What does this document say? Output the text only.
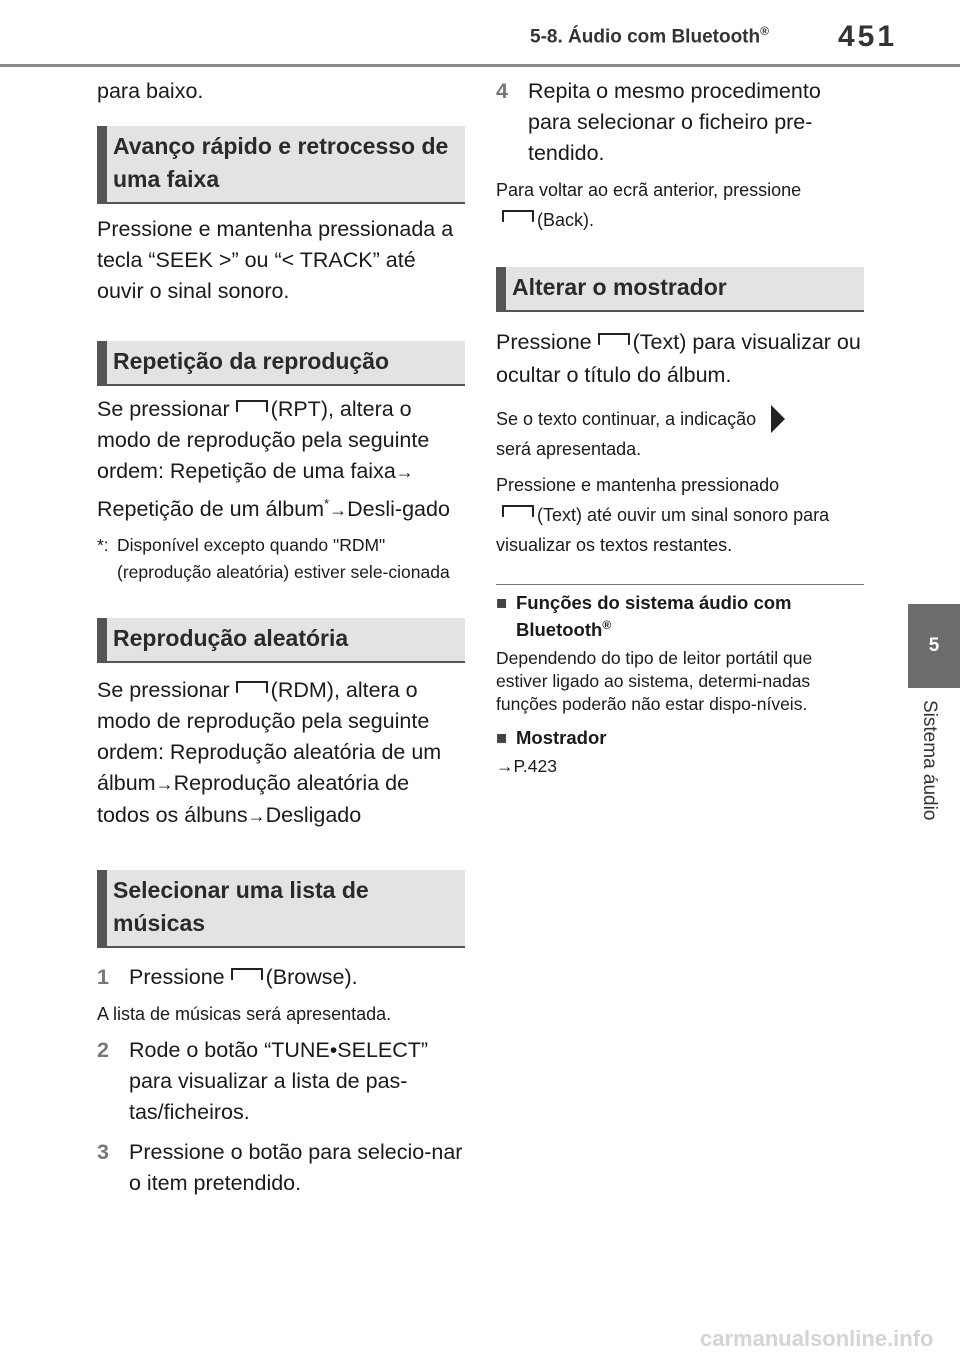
5-8. Áudio com Bluetooth® 451
5
Sistema áudio

para baixo.

Avanço rápido e retrocesso de uma faixa

Pressione e mantenha pressionada a tecla “SEEK >” ou “< TRACK” até ouvir o sinal sonoro.

Repetição da reprodução

Se pressionar (RPT), altera o modo de reprodução pela seguinte ordem: Repetição de uma faixa→ Repetição de um álbum*→Desli-gado

*: Disponível excepto quando "RDM" (reprodução aleatória) estiver sele-cionada
Reprodução aleatória

Se pressionar (RDM), altera o modo de reprodução pela seguinte ordem: Reprodução aleatória de um álbum→Reprodução aleatória de todos os álbuns→Desligado

Selecionar uma lista de músicas
1 Pressione (Browse).

A lista de músicas será apresentada.

2 Rode o botão “TUNE•SELECT” para visualizar a lista de pas-tas/ficheiros.
3 Pressione o botão para selecio-nar o item pretendido.
4 Repita o mesmo procedimento para selecionar o ficheiro pre-tendido.

Para voltar ao ecrã anterior, pressione
(Back).

Alterar o mostrador

Pressione (Text) para visualizar ou ocultar o título do álbum.

Se o texto continuar, a indicação
será apresentada.

Pressione e mantenha pressionado
(Text) até ouvir um sinal sonoro para visualizar os textos restantes.

■ Funções do sistema áudio com Bluetooth®

Dependendo do tipo de leitor portátil que estiver ligado ao sistema, determi-nadas funções poderão não estar dispo-níveis.

■ Mostrador

→P.423

carmanualsonline.info
